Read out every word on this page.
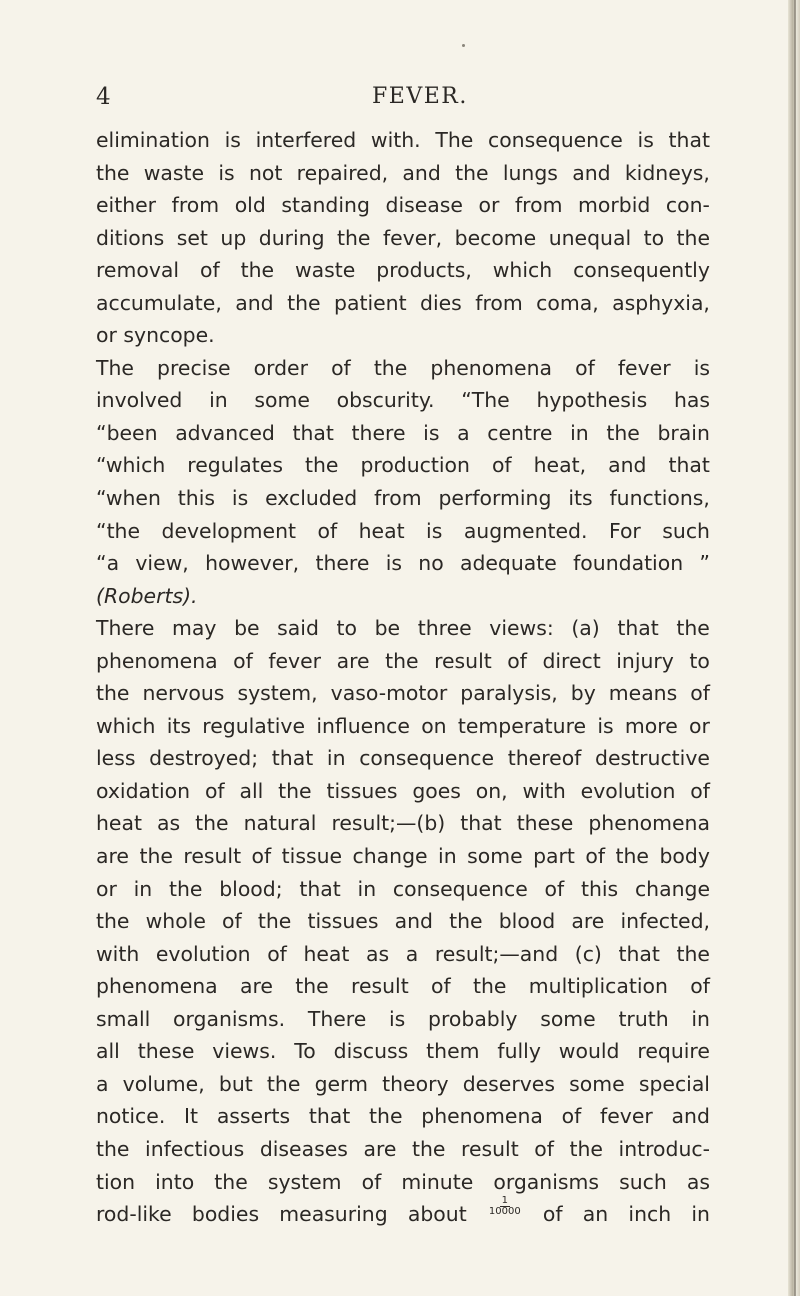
4	FEVER.
elimination is interfered with. The consequence is that
the waste is not repaired, and the lungs and kidneys,
either from old standing disease or from morbid con-
ditions set up during the fever, become unequal to the
removal of the waste products, which consequently
accumulate, and the patient dies from coma, asphyxia,
or syncope.
The precise order of the phenomena of fever is
involved in some obscurity. “The hypothesis has
“been advanced that there is a centre in the brain
“which regulates the production of heat, and that
“when this is excluded from performing its functions,
“the development of heat is augmented. For such
“a view, however, there is no adequate foundation ”
(Roberts).
There may be said to be three views: (a) that the
phenomena of fever are the result of direct injury to
the nervous system, vaso-motor paralysis, by means of
which its regulative influence on temperature is more or
less destroyed; that in consequence thereof destructive
oxidation of all the tissues goes on, with evolution of
heat as the natural result;—(b) that these phenomena
are the result of tissue change in some part of the body
or in the blood; that in consequence of this change
the whole of the tissues and the blood are infected,
with evolution of heat as a result;—and (c) that the
phenomena are the result of the multiplication of
small organisms. There is probably some truth in
all these views. To discuss them fully would require
a volume, but the germ theory deserves some special
notice. It asserts that the phenomena of fever and
the infectious diseases are the result of the introduc-
tion into the system of minute organisms such as
rod-like bodies measuring about $\frac{1}{10000}$ of an inch in
